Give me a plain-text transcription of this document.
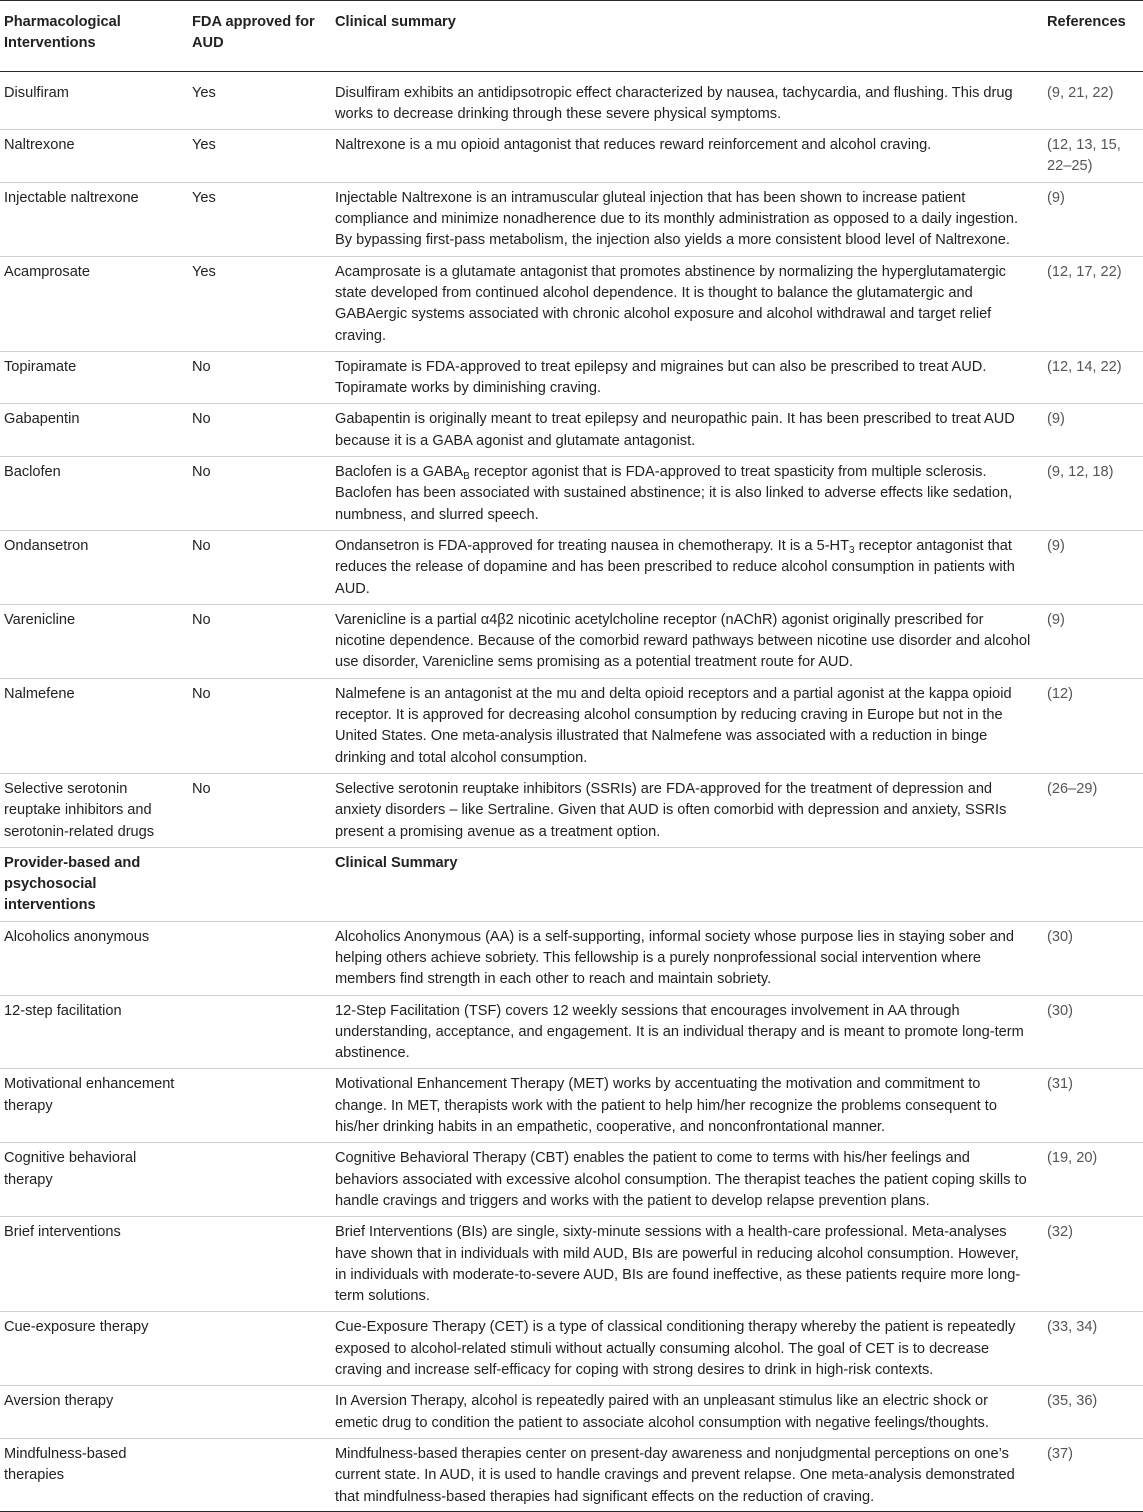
Pharmacological Interventions	FDA approved for AUD	Clinical summary	References
Disulfiram	Yes	Disulfiram exhibits an antidipsotropic effect characterized by nausea, tachycardia, and flushing. This drug works to decrease drinking through these severe physical symptoms.	(9, 21, 22)
Naltrexone	Yes	Naltrexone is a mu opioid antagonist that reduces reward reinforcement and alcohol craving.	(12, 13, 15, 22–25)
Injectable naltrexone	Yes	Injectable Naltrexone is an intramuscular gluteal injection that has been shown to increase patient compliance and minimize nonadherence due to its monthly administration as opposed to a daily ingestion. By bypassing first-pass metabolism, the injection also yields a more consistent blood level of Naltrexone.	(9)
Acamprosate	Yes	Acamprosate is a glutamate antagonist that promotes abstinence by normalizing the hyperglutamatergic state developed from continued alcohol dependence. It is thought to balance the glutamatergic and GABAergic systems associated with chronic alcohol exposure and alcohol withdrawal and target relief craving.	(12, 17, 22)
Topiramate	No	Topiramate is FDA-approved to treat epilepsy and migraines but can also be prescribed to treat AUD. Topiramate works by diminishing craving.	(12, 14, 22)
Gabapentin	No	Gabapentin is originally meant to treat epilepsy and neuropathic pain. It has been prescribed to treat AUD because it is a GABA agonist and glutamate antagonist.	(9)
Baclofen	No	Baclofen is a $GABA_B$ receptor agonist that is FDA-approved to treat spasticity from multiple sclerosis. Baclofen has been associated with sustained abstinence; it is also linked to adverse effects like sedation, numbness, and slurred speech.	(9, 12, 18)
Ondansetron	No	Ondansetron is FDA-approved for treating nausea in chemotherapy. It is a $5-HT_3$ receptor antagonist that reduces the release of dopamine and has been prescribed to reduce alcohol consumption in patients with AUD.	(9)
Varenicline	No	Varenicline is a partial α4β2 nicotinic acetylcholine receptor (nAChR) agonist originally prescribed for nicotine dependence. Because of the comorbid reward pathways between nicotine use disorder and alcohol use disorder, Varenicline sems promising as a potential treatment route for AUD.	(9)
Nalmefene	No	Nalmefene is an antagonist at the mu and delta opioid receptors and a partial agonist at the kappa opioid receptor. It is approved for decreasing alcohol consumption by reducing craving in Europe but not in the United States. One meta-analysis illustrated that Nalmefene was associated with a reduction in binge drinking and total alcohol consumption.	(12)
Selective serotonin reuptake inhibitors and serotonin-related drugs	No	Selective serotonin reuptake inhibitors (SSRIs) are FDA-approved for the treatment of depression and anxiety disorders – like Sertraline. Given that AUD is often comorbid with depression and anxiety, SSRIs present a promising avenue as a treatment option.	(26–29)
Provider-based and psychosocial interventions		Clinical Summary	
Alcoholics anonymous		Alcoholics Anonymous (AA) is a self-supporting, informal society whose purpose lies in staying sober and helping others achieve sobriety. This fellowship is a purely nonprofessional social intervention where members find strength in each other to reach and maintain sobriety.	(30)
12-step facilitation		12-Step Facilitation (TSF) covers 12 weekly sessions that encourages involvement in AA through understanding, acceptance, and engagement. It is an individual therapy and is meant to promote long-term abstinence.	(30)
Motivational enhancement therapy		Motivational Enhancement Therapy (MET) works by accentuating the motivation and commitment to change. In MET, therapists work with the patient to help him/her recognize the problems consequent to his/her drinking habits in an empathetic, cooperative, and nonconfrontational manner.	(31)
Cognitive behavioral therapy		Cognitive Behavioral Therapy (CBT) enables the patient to come to terms with his/her feelings and behaviors associated with excessive alcohol consumption. The therapist teaches the patient coping skills to handle cravings and triggers and works with the patient to develop relapse prevention plans.	(19, 20)
Brief interventions		Brief Interventions (BIs) are single, sixty-minute sessions with a health-care professional. Meta-analyses have shown that in individuals with mild AUD, BIs are powerful in reducing alcohol consumption. However, in individuals with moderate-to-severe AUD, BIs are found ineffective, as these patients require more long-term solutions.	(32)
Cue-exposure therapy		Cue-Exposure Therapy (CET) is a type of classical conditioning therapy whereby the patient is repeatedly exposed to alcohol-related stimuli without actually consuming alcohol. The goal of CET is to decrease craving and increase self-efficacy for coping with strong desires to drink in high-risk contexts.	(33, 34)
Aversion therapy		In Aversion Therapy, alcohol is repeatedly paired with an unpleasant stimulus like an electric shock or emetic drug to condition the patient to associate alcohol consumption with negative feelings/thoughts.	(35, 36)
Mindfulness-based therapies		Mindfulness-based therapies center on present-day awareness and nonjudgmental perceptions on one’s current state. In AUD, it is used to handle cravings and prevent relapse. One meta-analysis demonstrated that mindfulness-based therapies had significant effects on the reduction of craving.	(37)
